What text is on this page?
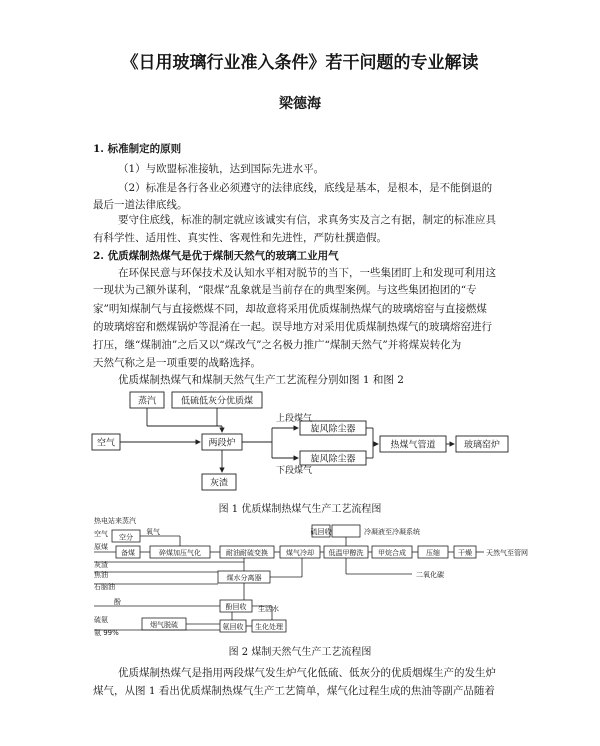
《日用玻璃行业准入条件》若干问题的专业解读
梁德海
1. 标准制定的原则
（1）与欧盟标准接轨，达到国际先进水平。
（2）标准是各行各业必须遵守的法律底线，底线是基本，是根本，是不能倒退的
最后一道法律底线。
要守住底线，标准的制定就应该诚实有信，求真务实及言之有据，制定的标准应具
有科学性、适用性、真实性、客观性和先进性，严防杜撰造假。
2. 优质煤制热煤气是优于煤制天然气的玻璃工业用气
在环保民意与环保技术及认知水平相对脱节的当下，一些集团盯上和发现可利用这
一现状为己额外谋利，“限煤”乱象就是当前存在的典型案例。与这些集团抱团的“专
家”明知煤制气与直接燃煤不同，却故意将采用优质煤制热煤气的玻璃熔窑与直接燃煤
的玻璃熔窑和燃煤锅炉等混淆在一起。误导地方对采用优质煤制热煤气的玻璃熔窑进行
打压，继“煤制油”之后又以“煤改气”之名极力推广“煤制天然气”并将煤炭转化为
天然气称之是一项重要的战略选择。
优质煤制热煤气和煤制天然气生产工艺流程分别如图 1 和图 2
蒸汽	低硫低灰分优质煤
空气	两段炉
灰渣
上段煤气
下段煤气
旋风除尘器
旋风除尘器
热煤气管道	玻璃窑炉
图 1 优质煤制热煤气生产工艺流程图
热电站来蒸汽
空气 空分
氧气
原煤
备煤	碎煤加压气化	耐油耐硫变换	煤气冷却
硫回收	冷凝液至冷凝系统
低温甲醇洗 甲烷合成	压缩	干燥 天然气至管网
二氧化碳
灰渣
焦油
石脑油
煤水分离器
酚
酚回收 生活水
烟气脱硫
硫氨
氨 99%
氨回收 生化处理
图 2 煤制天然气生产工艺流程图
优质煤制热煤气是指用两段煤气发生炉气化低硫、低灰分的优质烟煤生产的发生炉
煤气，从图 1 看出优质煤制热煤气生产工艺简单，煤气化过程生成的焦油等副产品随着
